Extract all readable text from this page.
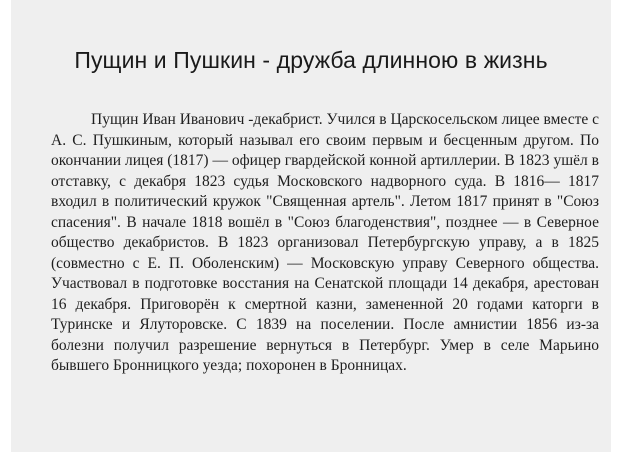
Пущин и Пушкин - дружба длинною в жизнь

Пущин Иван Иванович -декабрист. Учился в Царскосельском лицее вместе с А. С. Пушкиным, который называл его своим первым и бесценным другом. По окончании лицея (1817) — офицер гвардейской конной артиллерии. В 1823 ушёл в отставку, с декабря 1823 судья Московского надворного суда. В 1816— 1817 входил в политический кружок "Священная артель". Летом 1817 принят в "Союз спасения". В начале 1818 вошёл в "Союз благоденствия", позднее — в Северное общество декабристов. В 1823 организовал Петербургскую управу, а в 1825 (совместно с Е. П. Оболенским) — Московскую управу Северного общества. Участвовал в подготовке восстания на Сенатской площади 14 декабря, арестован 16 декабря. Приговорён к смертной казни, замененной 20 годами каторги в Туринске и Ялуторовске. С 1839 на поселении. После амнистии 1856 из-за болезни получил разрешение вернуться в Петербург. Умер в селе Марьино бывшего Бронницкого уезда; похоронен в Бронницах.
